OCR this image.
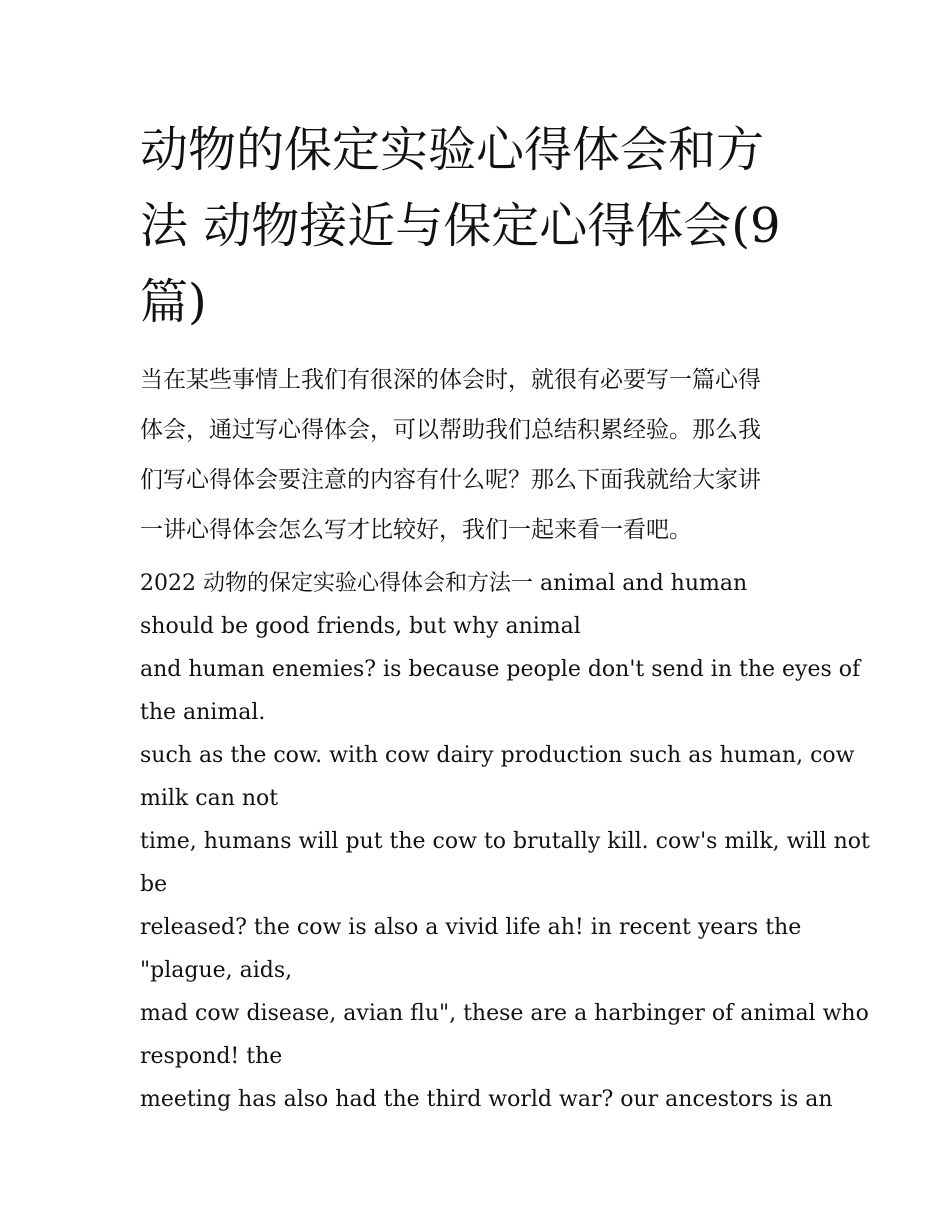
动物的保定实验心得体会和方
法 动物接近与保定心得体会(9
篇)
当在某些事情上我们有很深的体会时，就很有必要写一篇心得
体会，通过写心得体会，可以帮助我们总结积累经验。那么我
们写心得体会要注意的内容有什么呢？那么下面我就给大家讲
一讲心得体会怎么写才比较好，我们一起来看一看吧。
2022 动物的保定实验心得体会和方法一 animal and human
should be good friends, but why animal
and human enemies? is because people don't send in the eyes of
the animal.
such as the cow. with cow dairy production such as human, cow
milk can not
time, humans will put the cow to brutally kill. cow's milk, will not
be
released? the cow is also a vivid life ah! in recent years the
"plague, aids,
mad cow disease, avian flu", these are a harbinger of animal who
respond! the
meeting has also had the third world war? our ancestors is an
